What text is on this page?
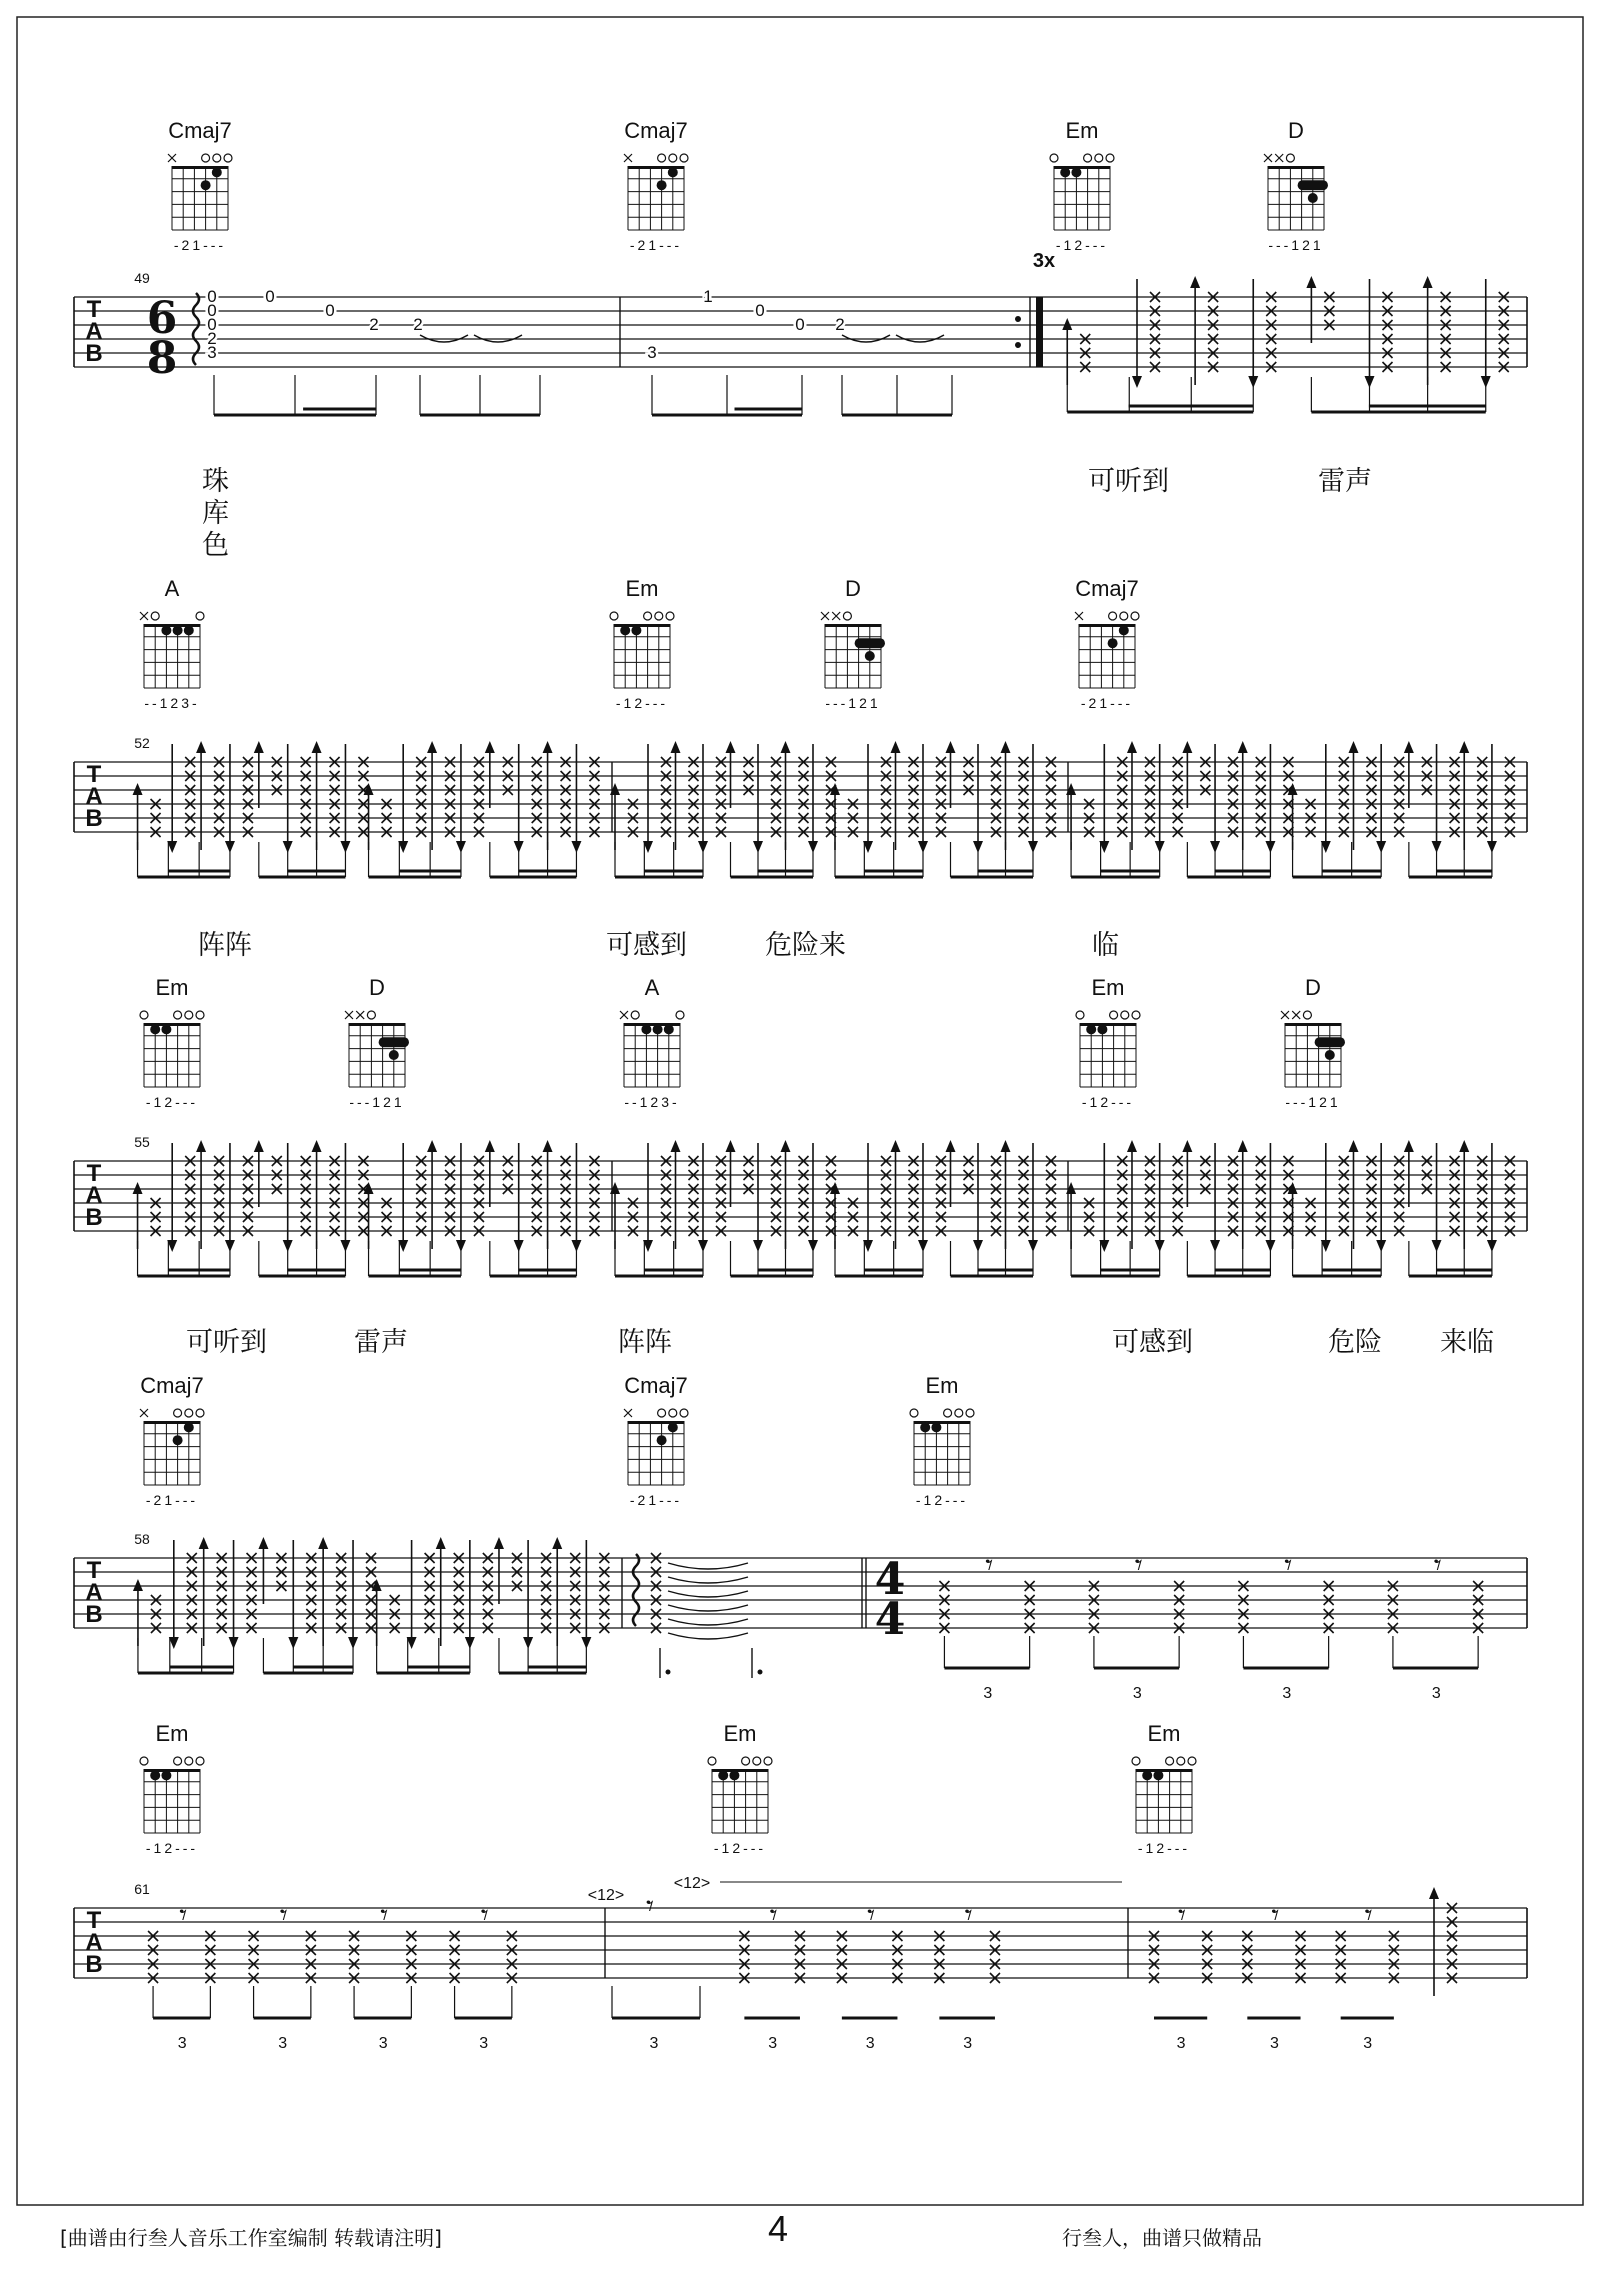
T
A
B
49
Cmaj7
-21---
Cmaj7
-21---
Em
-12---
D
---121
6
8
0
0
0
2
3
0
0
2 2
1
0
0 2
3
3x
T
A
B
52
A
--123-
Em
-12---
D
---121
Cmaj7
-21---
T
A
B
55
Em
-12---
D
---121
A
--123-
Em
-12---
D
---121
T
A
B
58
Cmaj7
-21---
Cmaj7
-21---
Em
-12---
4
4
𝄾
3
𝄾
3
𝄾
3
𝄾
3
T
A
B
61
Em
-12---
Em
-12---
Em
-12---
𝄾
3
𝄾
3
𝄾
3
𝄾
3
<12>
<12>
𝄾
3
𝄾
3
𝄾
3
𝄾
3
𝄾
3
𝄾
3
𝄾
3
珠库色
可听到	雷声
阵阵	可感到	危险来	临
可听到	雷声	阵阵	可感到	危险 来临
[曲谱由行叁人音乐工作室编制 转载请注明]	4	行叁人，曲谱只做精品
